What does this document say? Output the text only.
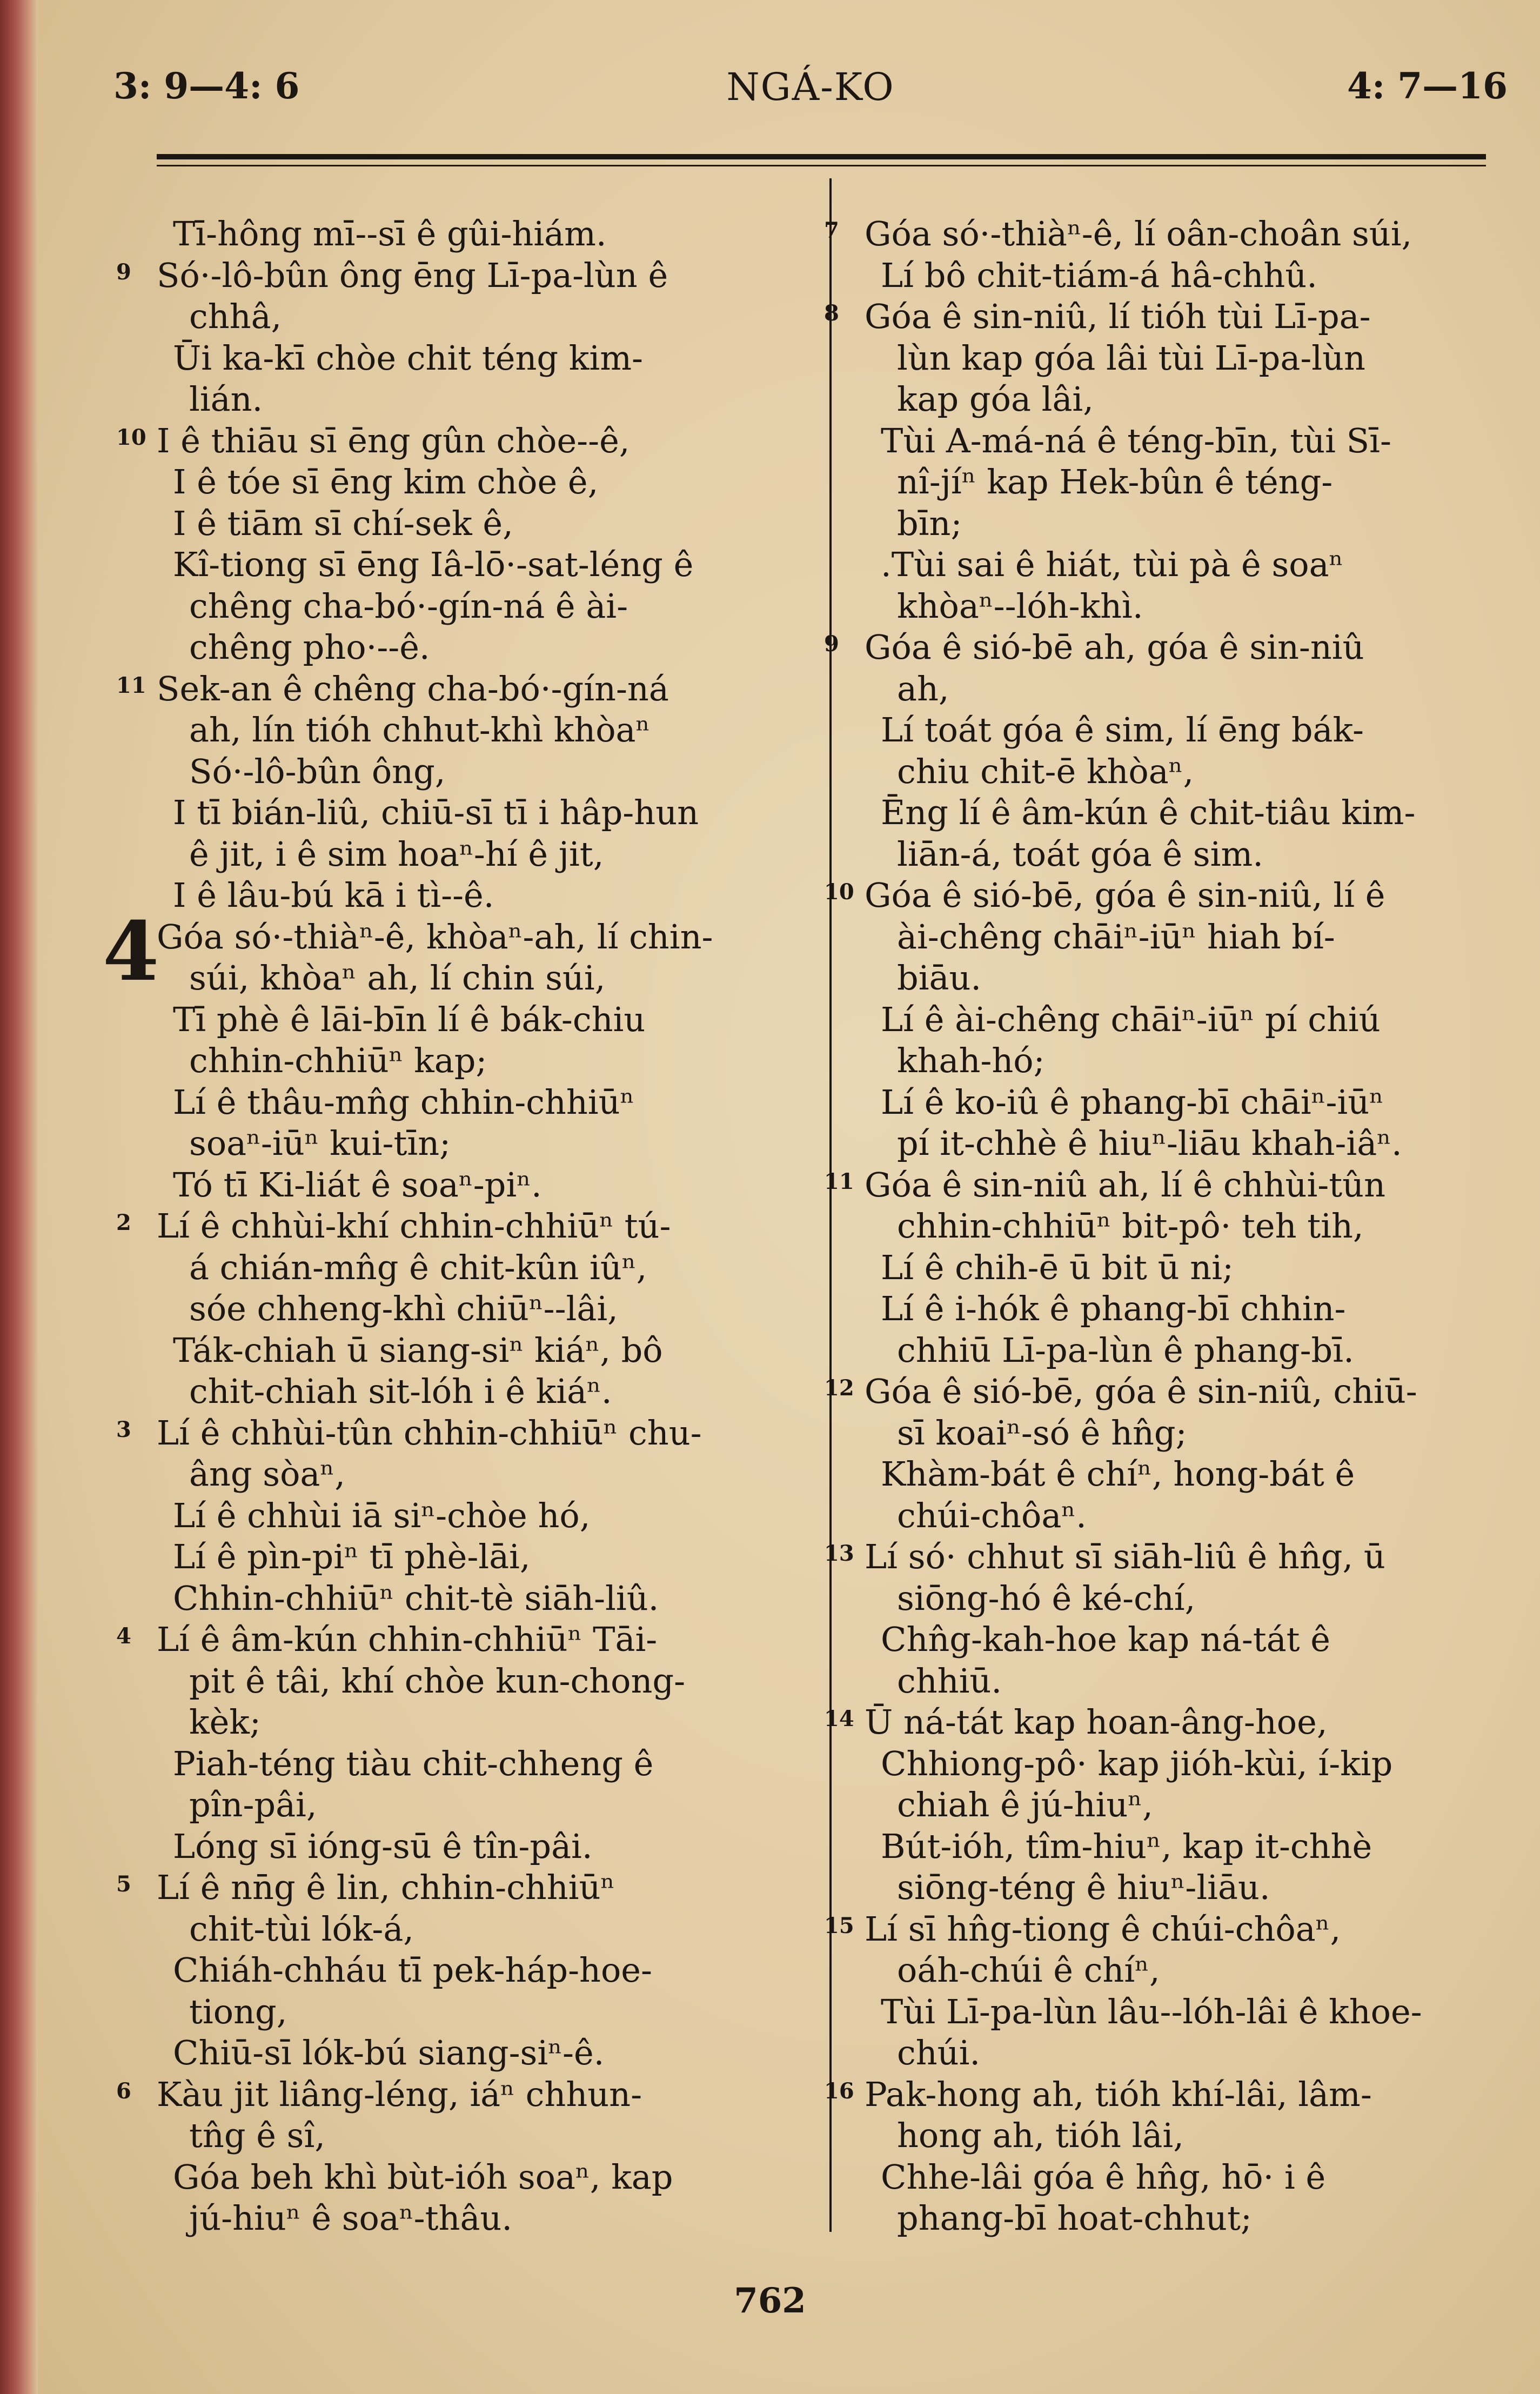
3: 9—4: 6	NGÁ-KO	4: 7—16
Tī-hông mī--sī ê gûi-hiám.
9 Só·-lô-bûn ông ēng Lī-pa-lùn ê
chhâ,
Ūi ka-kī chòe chit téng kim-
lián.
10 I ê thiāu sī ēng gûn chòe--ê,
I ê tóe sī ēng kim chòe ê,
I ê tiām sī chí-sek ê,
Kî-tiong sī ēng Iâ-lō·-sat-léng ê
chêng cha-bó·-gín-ná ê ài-
chêng pho·--ê.
11 Sek-an ê chêng cha-bó·-gín-ná
ah, lín tióh chhut-khì khòaⁿ
Só·-lô-bûn ông,
I tī bián-liû, chiū-sī tī i hâp-hun
ê jit, i ê sim hoaⁿ-hí ê jit,
I ê lâu-bú kā i tì--ê.
4
Góa só·-thiàⁿ-ê, khòaⁿ-ah, lí chin-
súi, khòaⁿ ah, lí chin súi,
Tī phè ê lāi-bīn lí ê bák-chiu
chhin-chhiūⁿ kap;
Lí ê thâu-mn̂g chhin-chhiūⁿ
soaⁿ-iūⁿ kui-tīn;
Tó tī Ki-liát ê soaⁿ-piⁿ.
2 Lí ê chhùi-khí chhin-chhiūⁿ tú-
á chián-mn̂g ê chit-kûn iûⁿ,
sóe chheng-khì chiūⁿ--lâi,
Ták-chiah ū siang-siⁿ kiáⁿ, bô
chit-chiah sit-lóh i ê kiáⁿ.
3 Lí ê chhùi-tûn chhin-chhiūⁿ chu-
âng sòaⁿ,
Lí ê chhùi iā siⁿ-chòe hó,
Lí ê pìn-piⁿ tī phè-lāi,
Chhin-chhiūⁿ chit-tè siāh-liû.
4 Lí ê âm-kún chhin-chhiūⁿ Tāi-
pit ê tâi, khí chòe kun-chong-
kèk;
Piah-téng tiàu chit-chheng ê
pîn-pâi,
Lóng sī ióng-sū ê tîn-pâi.
5 Lí ê nn̄g ê lin, chhin-chhiūⁿ
chit-tùi lók-á,
Chiáh-chháu tī pek-háp-hoe-
tiong,
Chiū-sī lók-bú siang-siⁿ-ê.
6 Kàu jit liâng-léng, iáⁿ chhun-
tn̂g ê sî,
Góa beh khì bùt-ióh soaⁿ, kap
jú-hiuⁿ ê soaⁿ-thâu.
7 Góa só·-thiàⁿ-ê, lí oân-choân súi,
Lí bô chit-tiám-á hâ-chhû.
8 Góa ê sin-niû, lí tióh tùi Lī-pa-
lùn kap góa lâi tùi Lī-pa-lùn
kap góa lâi,
Tùi A-má-ná ê téng-bīn, tùi Sī-
nî-jíⁿ kap Hek-bûn ê téng-
bīn;
.Tùi sai ê hiát, tùi pà ê soaⁿ
khòaⁿ--lóh-khì.
9 Góa ê sió-bē ah, góa ê sin-niû
ah,
Lí toát góa ê sim, lí ēng bák-
chiu chit-ē khòaⁿ,
Ēng lí ê âm-kún ê chit-tiâu kim-
liān-á, toát góa ê sim.
10 Góa ê sió-bē, góa ê sin-niû, lí ê
ài-chêng chāiⁿ-iūⁿ hiah bí-
biāu.
Lí ê ài-chêng chāiⁿ-iūⁿ pí chiú
khah-hó;
Lí ê ko-iû ê phang-bī chāiⁿ-iūⁿ
pí it-chhè ê hiuⁿ-liāu khah-iâⁿ.
11 Góa ê sin-niû ah, lí ê chhùi-tûn
chhin-chhiūⁿ bit-pô· teh tih,
Lí ê chih-ē ū bit ū ni;
Lí ê i-hók ê phang-bī chhin-
chhiū Lī-pa-lùn ê phang-bī.
12 Góa ê sió-bē, góa ê sin-niû, chiū-
sī koaiⁿ-só ê hn̂g;
Khàm-bát ê chíⁿ, hong-bát ê
chúi-chôaⁿ.
13 Lí só· chhut sī siāh-liû ê hn̂g, ū
siōng-hó ê ké-chí,
Chn̂g-kah-hoe kap ná-tát ê
chhiū.
14 Ū ná-tát kap hoan-âng-hoe,
Chhiong-pô· kap jióh-kùi, í-kip
chiah ê jú-hiuⁿ,
Bút-ióh, tîm-hiuⁿ, kap it-chhè
siōng-téng ê hiuⁿ-liāu.
15 Lí sī hn̂g-tiong ê chúi-chôaⁿ,
oáh-chúi ê chíⁿ,
Tùi Lī-pa-lùn lâu--lóh-lâi ê khoe-
chúi.
16 Pak-hong ah, tióh khí-lâi, lâm-
hong ah, tióh lâi,
Chhe-lâi góa ê hn̂g, hō· i ê
phang-bī hoat-chhut;
762
